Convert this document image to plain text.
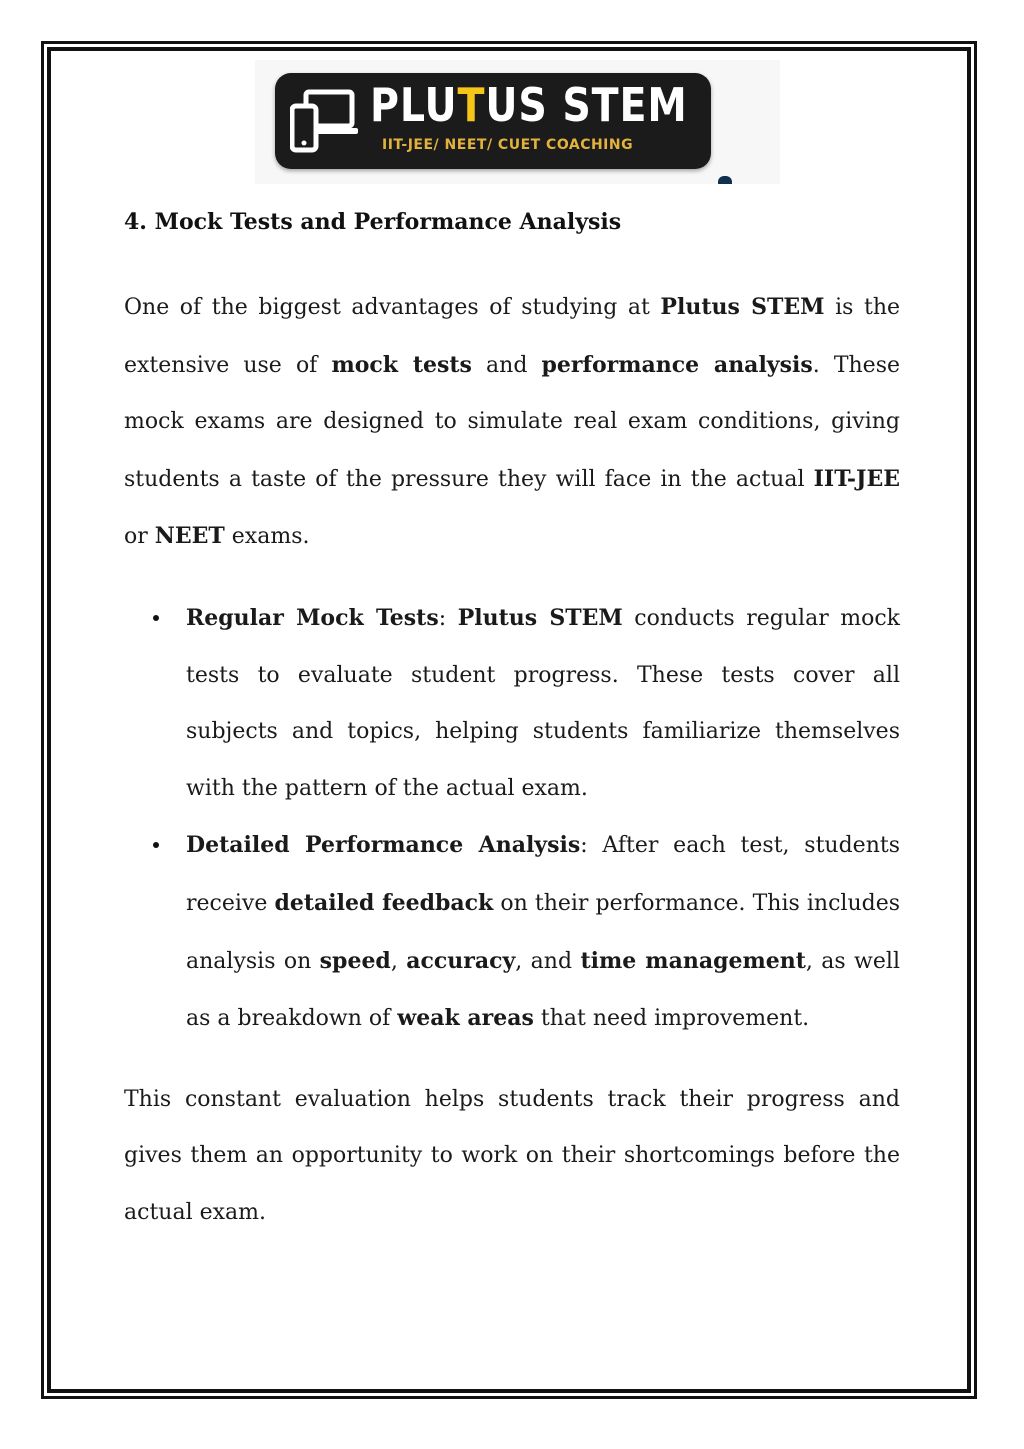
PLUTUS STEM
IIT-JEE/ NEET/ CUET COACHING
4. Mock Tests and Performance Analysis

One of the biggest advantages of studying at Plutus STEM is the extensive use of mock tests and performance analysis. These mock exams are designed to simulate real exam conditions, giving students a taste of the pressure they will face in the actual IIT-JEE or NEET exams.

Regular Mock Tests: Plutus STEM conducts regular mock tests to evaluate student progress. These tests cover all subjects and topics, helping students familiarize themselves with the pattern of the actual exam.
Detailed Performance Analysis: After each test, students receive detailed feedback on their performance. This includes analysis on speed, accuracy, and time management, as well as a breakdown of weak areas that need improvement.

This constant evaluation helps students track their progress and gives them an opportunity to work on their shortcomings before the actual exam.
